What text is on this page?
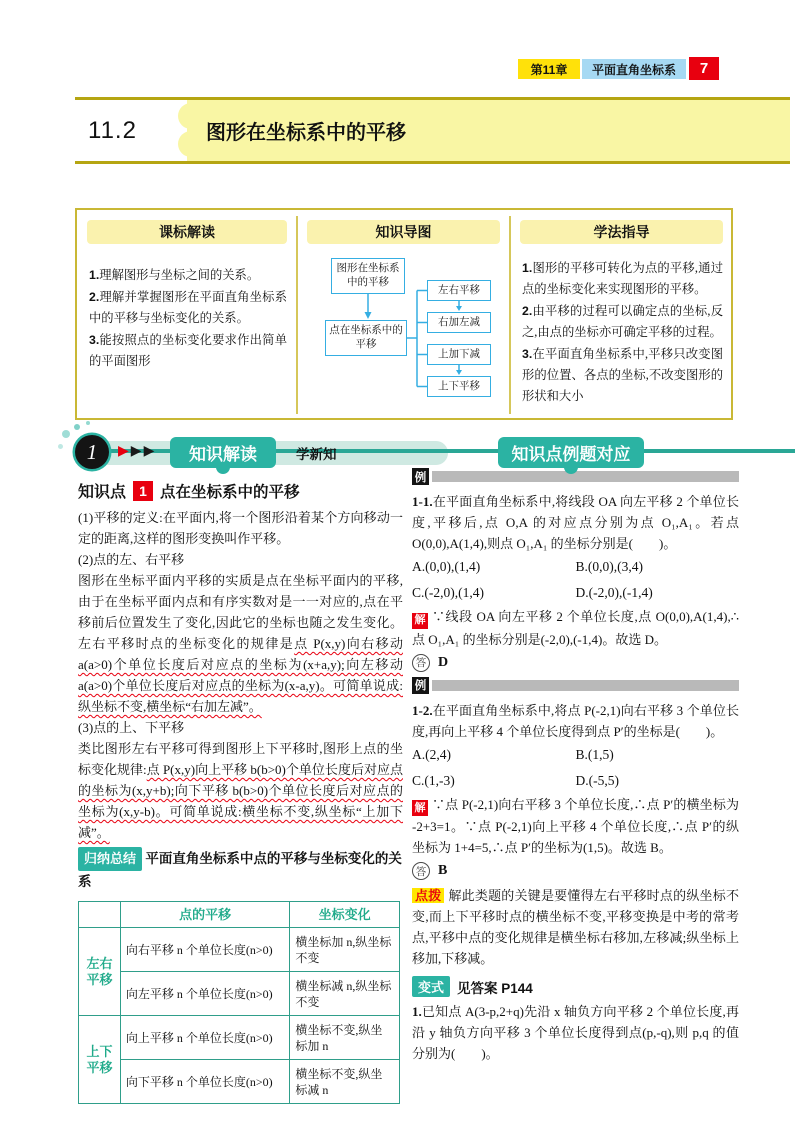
第11章	平面直角坐标系	7
11.2	图形在坐标系中的平移
课标解读	知识导图	学法指导
1.理解图形与坐标之间的关系。
2.理解并掌握图形在平面直角坐标系中的平移与坐标变化的关系。
3.能按照点的坐标变化要求作出简单的平面图形
图形在坐标系中的平移
点在坐标系中的平移
左右平移
右加左减
上加下减
上下平移
1.图形的平移可转化为点的平移,通过点的坐标变化来实现图形的平移。
2.由平移的过程可以确定点的坐标,反之,由点的坐标亦可确定平移的过程。
3.在平面直角坐标系中,平移只改变图形的位置、各点的坐标,不改变图形的形状和大小
1	▶▶▶	知识解读	学新知	知识点例题对应
知识点 1 点在坐标系中的平移

(1)平移的定义:在平面内,将一个图形沿着某个方向移动一定的距离,这样的图形变换叫作平移。

(2)点的左、右平移

图形在坐标平面内平移的实质是点在坐标平面内的平移,由于在坐标平面内点和有序实数对是一一对应的,点在平移前后位置发生了变化,因此它的坐标也随之发生变化。左右平移时点的坐标变化的规律是点 P(x,y)向右移动 a(a>0)个单位长度后对应点的坐标为(x+a,y);向左移动 a(a>0)个单位长度后对应点的坐标为(x-a,y)。可简单说成:纵坐标不变,横坐标“右加左减”。

(3)点的上、下平移

类比图形左右平移可得到图形上下平移时,图形上点的坐标变化规律:点 P(x,y)向上平移 b(b>0)个单位长度后对应点的坐标为(x,y+b);向下平移 b(b>0)个单位长度后对应点的坐标为(x,y-b)。可简单说成:横坐标不变,纵坐标“上加下减”。

归纳总结 平面直角坐标系中点的平移与坐标变化的关系

	点的平移	坐标变化
左右平移	向右平移 n 个单位长度(n>0)	横坐标加 n,纵坐标不变
	向左平移 n 个单位长度(n>0)	横坐标减 n,纵坐标不变
上下平移	向上平移 n 个单位长度(n>0)	横坐标不变,纵坐标加 n
	向下平移 n 个单位长度(n>0)	横坐标不变,纵坐标减 n
例

1-1.在平面直角坐标系中,将线段 OA 向左平移 2 个单位长度,平移后,点 O,A 的对应点分别为点 O₁,A₁。若点 O(0,0),A(1,4),则点 O₁,A₁ 的坐标分别是(　　)。

A.(0,0),(1,4)	B.(0,0),(3,4)
C.(-2,0),(1,4)	D.(-2,0),(-1,4)

解 ∵线段 OA 向左平移 2 个单位长度,点 O(0,0),A(1,4),∴点 O₁,A₁ 的坐标分别是(-2,0),(-1,4)。故选 D。

答 D
例

1-2.在平面直角坐标系中,将点 P(-2,1)向右平移 3 个单位长度,再向上平移 4 个单位长度得到点 P′的坐标是(　　)。

A.(2,4)	B.(1,5)
C.(1,-3)	D.(-5,5)

解 ∵点 P(-2,1)向右平移 3 个单位长度,∴点 P′的横坐标为 -2+3=1。∵点 P(-2,1)向上平移 4 个单位长度,∴点 P′的纵坐标为 1+4=5,∴点 P′的坐标为(1,5)。故选 B。

答 B

点拨 解此类题的关键是要懂得左右平移时点的纵坐标不变,而上下平移时点的横坐标不变,平移变换是中考的常考点,平移中点的变化规律是横坐标右移加,左移减;纵坐标上移加,下移减。

变式 见答案 P144

1.已知点 A(3-p,2+q)先沿 x 轴负方向平移 2 个单位长度,再沿 y 轴负方向平移 3 个单位长度得到点(p,-q),则 p,q 的值分别为(　　)。
